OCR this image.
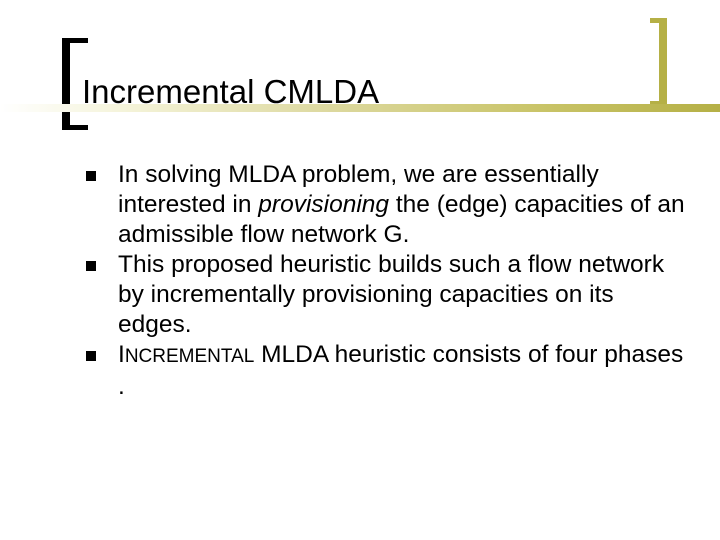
Incremental CMLDA
In solving MLDA problem, we are essentially interested in provisioning the (edge) capacities of an admissible flow network G.
This proposed heuristic builds such a flow network by incrementally provisioning capacities on its edges.
INCREMENTAL MLDA heuristic consists of four phases .
